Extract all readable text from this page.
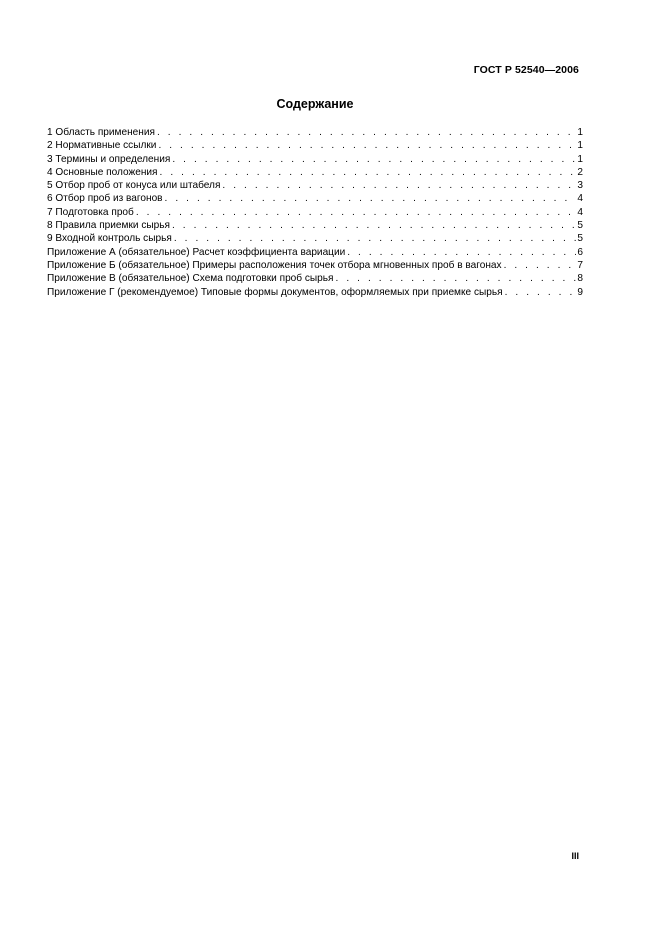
ГОСТ Р 52540—2006
Содержание
1 Область применения . . .	1
2 Нормативные ссылки . . .	1
3 Термины и определения . . .	1
4 Основные положения . . .	2
5 Отбор проб от конуса или штабеля . . .	3
6 Отбор проб из вагонов . . .	4
7 Подготовка проб . . .	4
8 Правила приемки сырья . . .	5
9 Входной контроль сырья . . .	5
Приложение А (обязательное) Расчет коэффициента вариации . . .	6
Приложение Б (обязательное) Примеры расположения точек отбора мгновенных проб в вагонах . . .	7
Приложение В (обязательное) Схема подготовки проб сырья . . .	8
Приложение Г (рекомендуемое) Типовые формы документов, оформляемых при приемке сырья . . .	9
III
